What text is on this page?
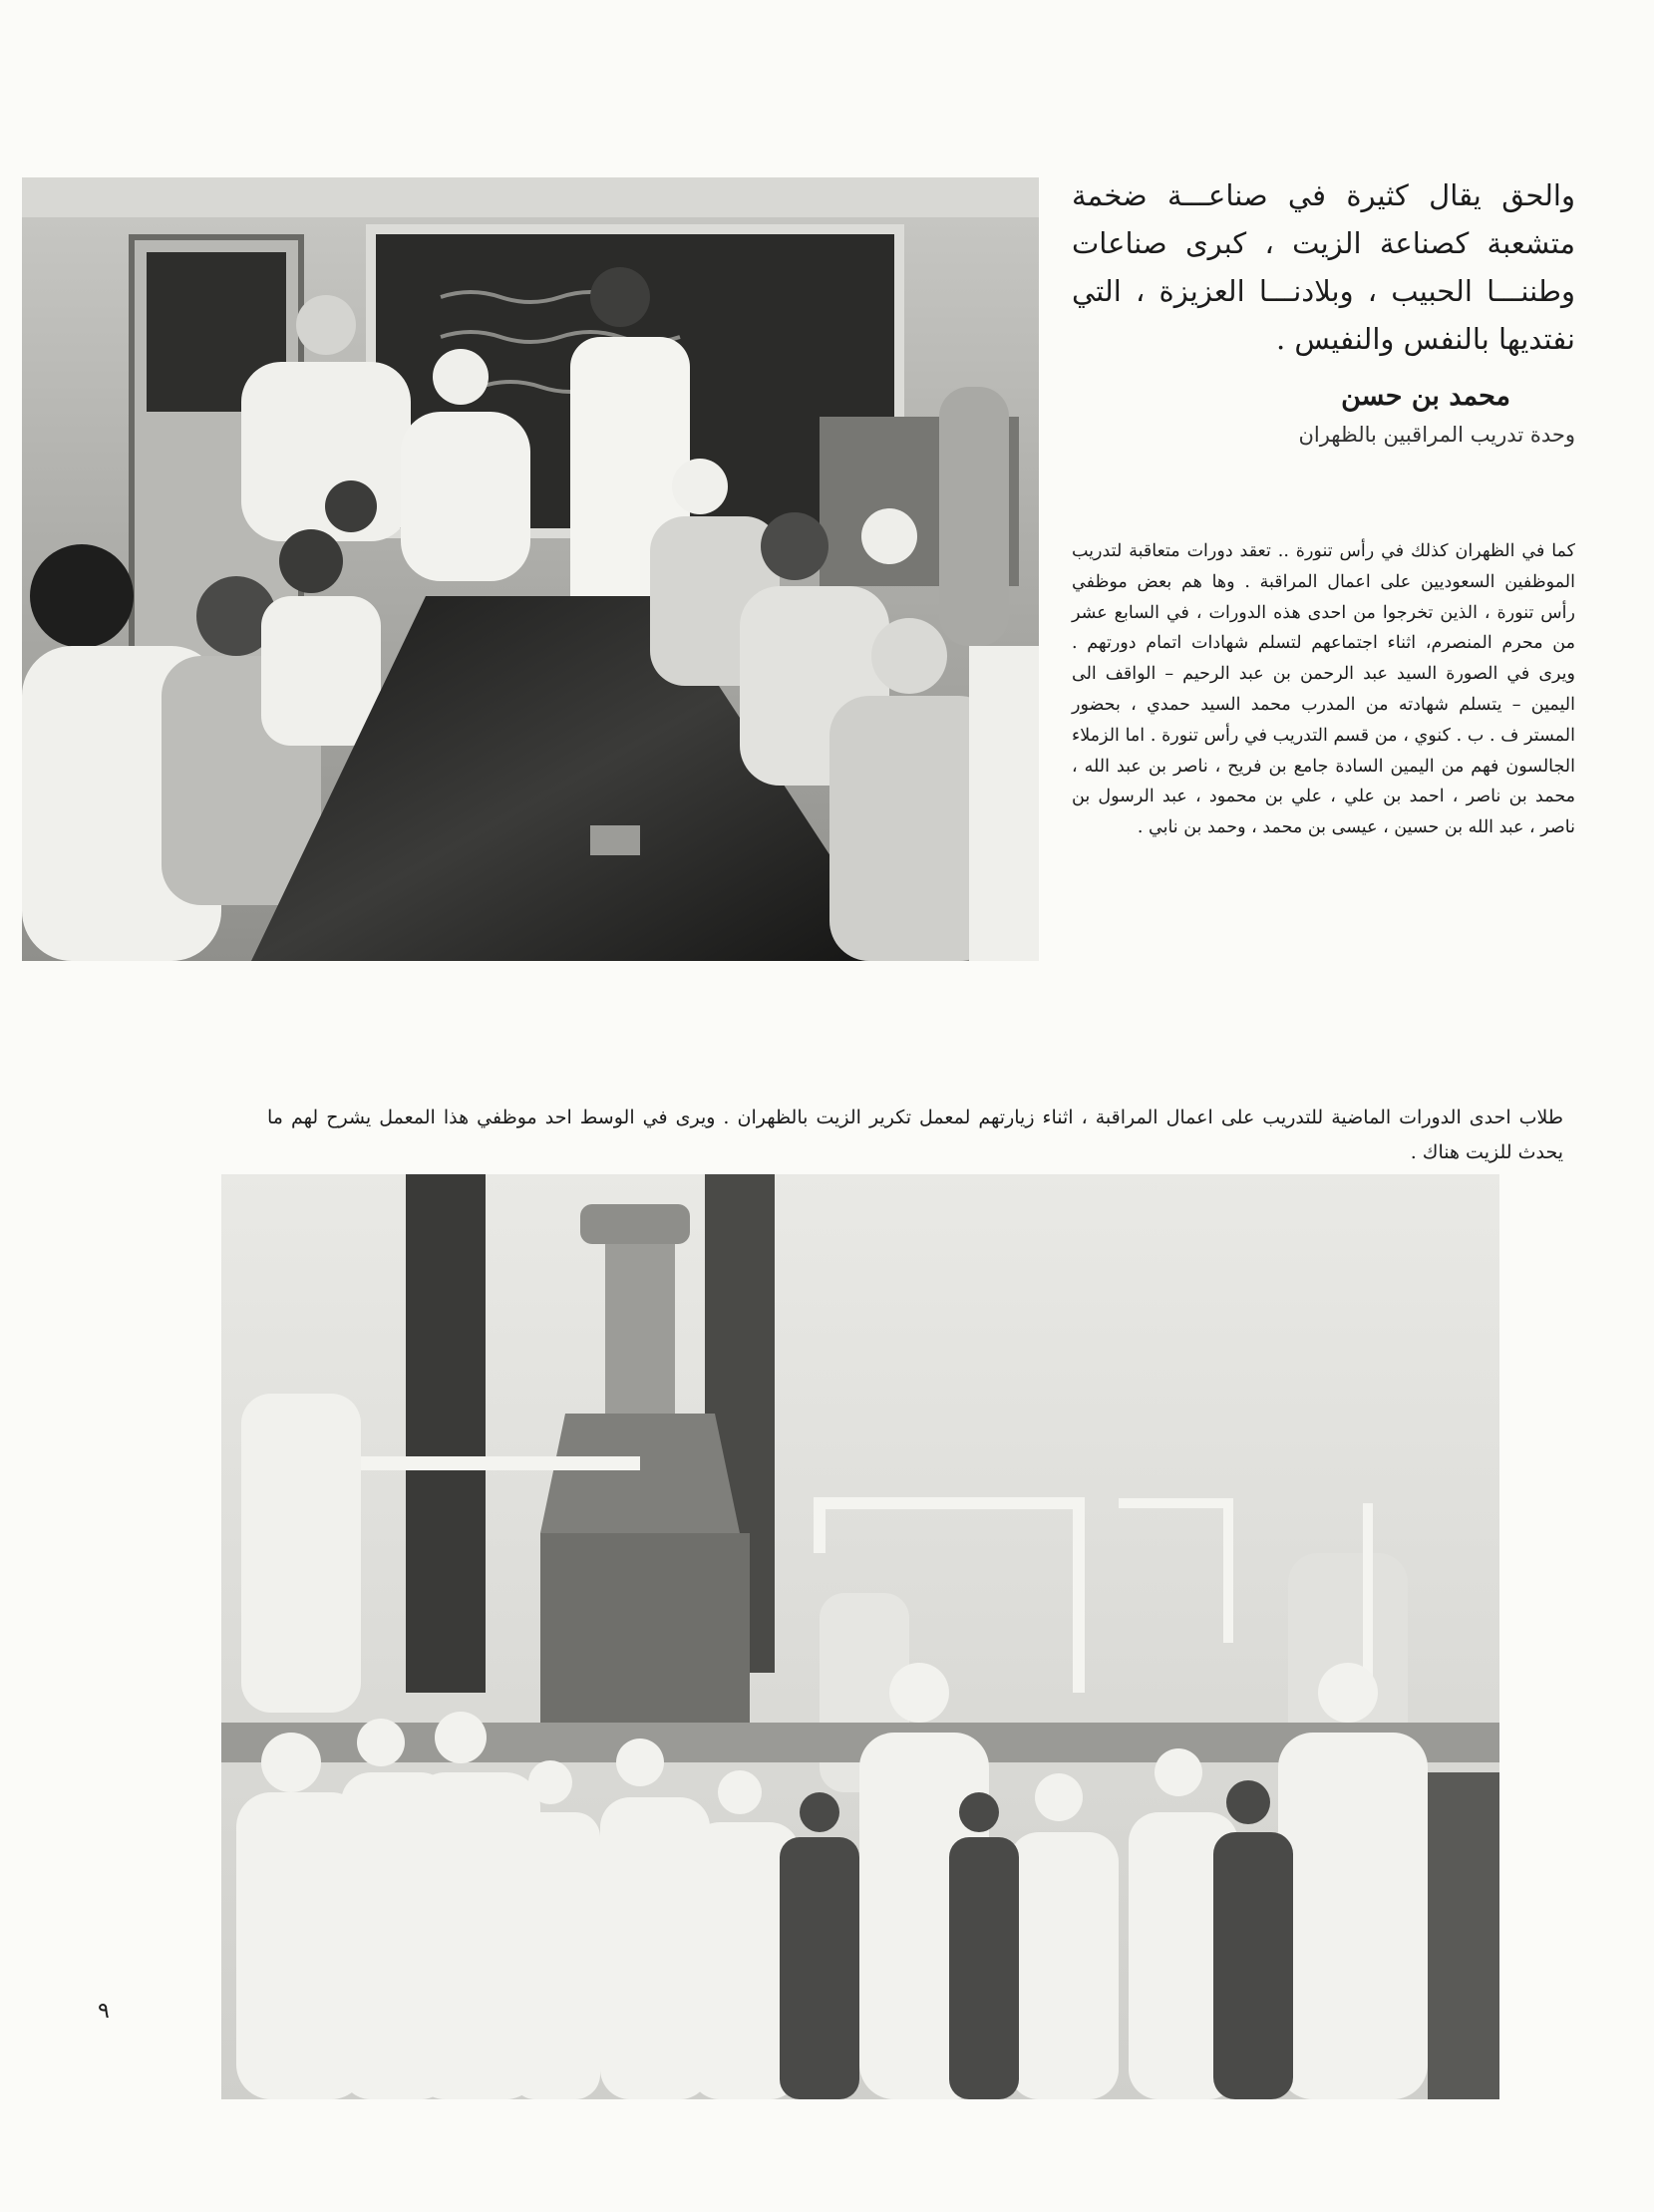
والحق يقال كثيرة في صناعـــة ضخمة متشعبة كصناعة الزيت ، كبرى صناعات وطننـــا الحبيب ، وبلادنـــا العزيزة ، التي نفتديها بالنفس والنفيس .
محمد بن حسن
وحدة تدريب المراقبين بالظهران
كما في الظهران كذلك في رأس تنورة .. تعقد دورات متعاقبة لتدريب الموظفين السعوديين على اعمال المراقبة . وها هم بعض موظفي رأس تنورة ، الذين تخرجوا من احدى هذه الدورات ، في السابع عشر من محرم المنصرم، اثناء اجتماعهم لتسلم شهادات اتمام دورتهم . ويرى في الصورة السيد عبد الرحمن بن عبد الرحيم – الواقف الى اليمين – يتسلم شهادته من المدرب محمد السيد حمدي ، بحضور المستر ف . ب . كنوي ، من قسم التدريب في رأس تنورة . اما الزملاء الجالسون فهم من اليمين السادة جامع بن فريح ، ناصر بن عبد الله ، محمد بن ناصر ، احمد بن علي ، علي بن محمود ، عبد الرسول بن ناصر ، عبد الله بن حسين ، عيسى بن محمد ، وحمد بن نابي .
طلاب احدى الدورات الماضية للتدريب على اعمال المراقبة ، اثناء زيارتهم لمعمل تكرير الزيت بالظهران . ويرى في الوسط احد موظفي هذا المعمل يشرح لهم ما يحدث للزيت هناك .
٩
